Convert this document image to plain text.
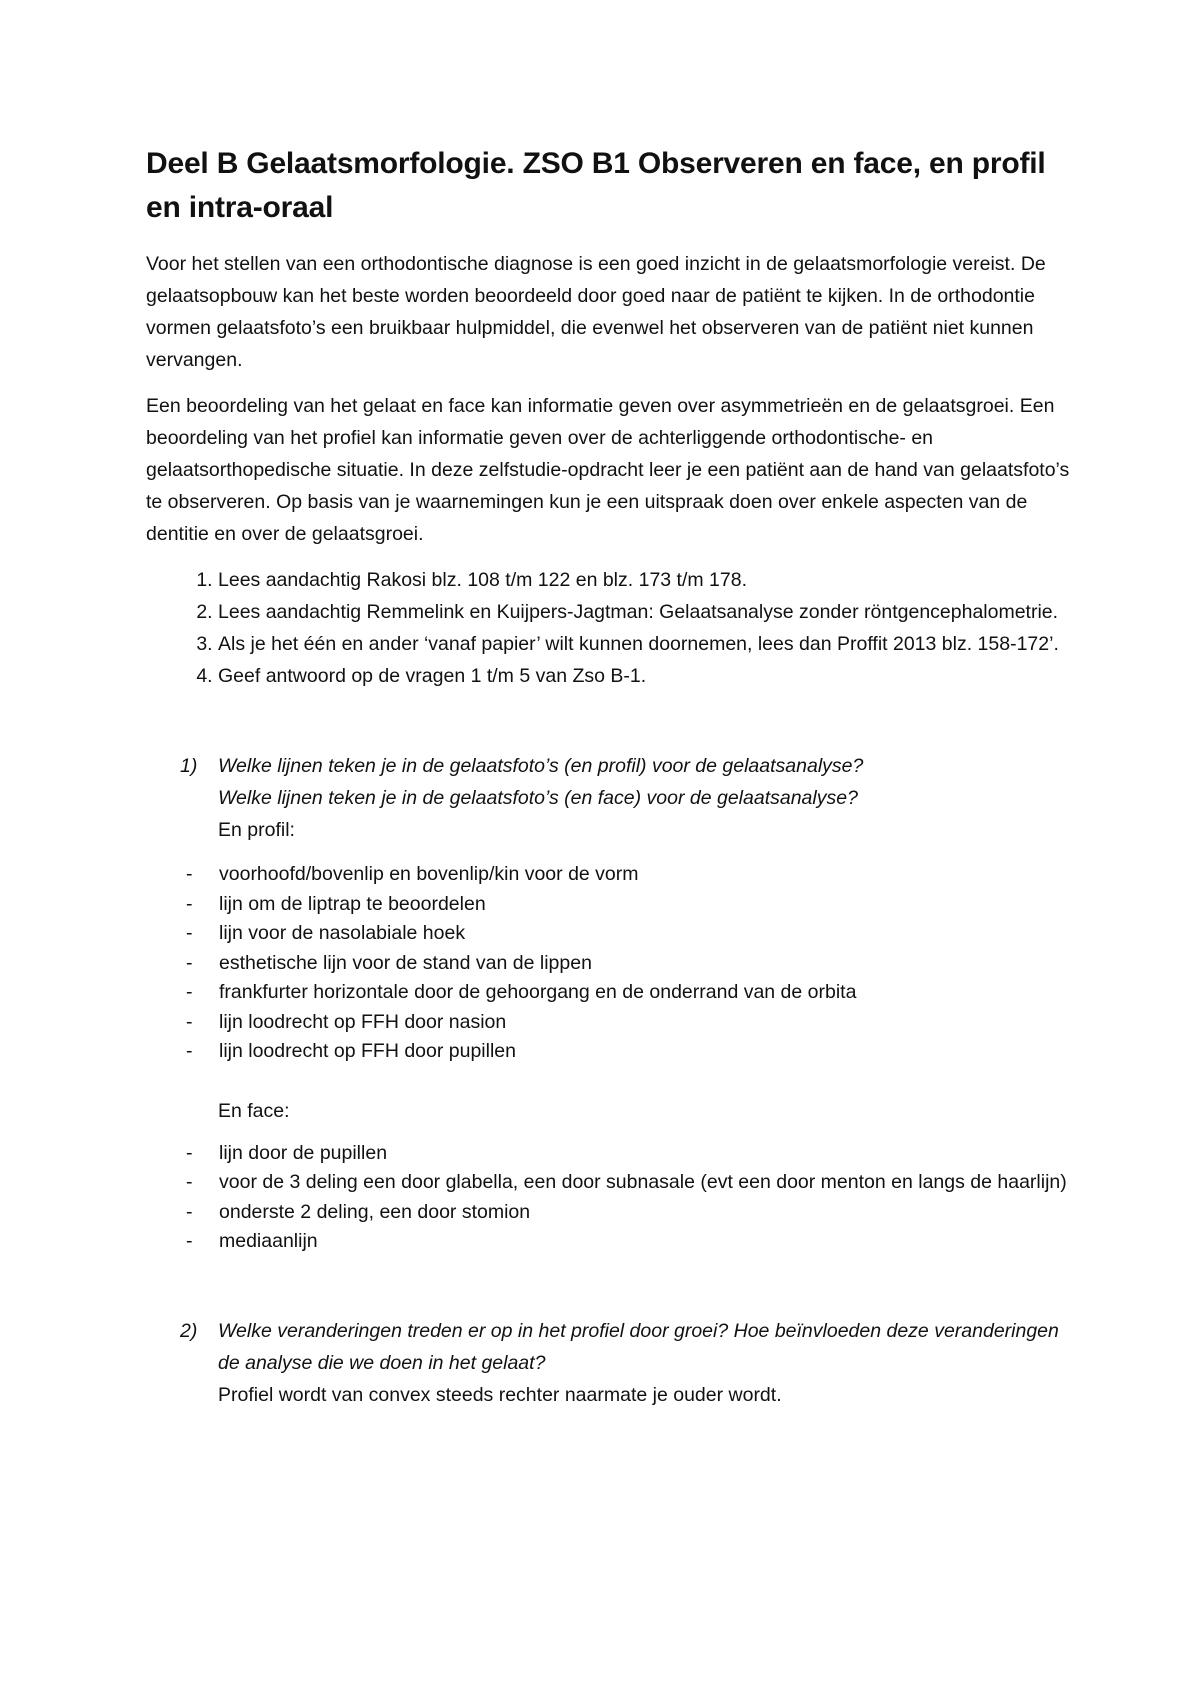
Deel B Gelaatsmorfologie. ZSO B1 Observeren en face, en profil en intra-oraal

Voor het stellen van een orthodontische diagnose is een goed inzicht in de gelaatsmorfologie vereist. De gelaatsopbouw kan het beste worden beoordeeld door goed naar de patiënt te kijken. In de orthodontie vormen gelaatsfoto’s een bruikbaar hulpmiddel, die evenwel het observeren van de patiënt niet kunnen vervangen.

Een beoordeling van het gelaat en face kan informatie geven over asymmetrieën en de gelaatsgroei. Een beoordeling van het profiel kan informatie geven over de achterliggende orthodontische- en gelaatsorthopedische situatie. In deze zelfstudie-opdracht leer je een patiënt aan de hand van gelaatsfoto’s te observeren. Op basis van je waarnemingen kun je een uitspraak doen over enkele aspecten van de dentitie en over de gelaatsgroei.

1. Lees aandachtig Rakosi blz. 108 t/m 122 en blz. 173 t/m 178.
2. Lees aandachtig Remmelink en Kuijpers-Jagtman: Gelaatsanalyse zonder röntgencephalometrie.
3. Als je het één en ander ‘vanaf papier’ wilt kunnen doornemen, lees dan Proffit 2013 blz. 158-172’.
4. Geef antwoord op de vragen 1 t/m 5 van Zso B-1.
1) Welke lijnen teken je in de gelaatsfoto’s (en profil) voor de gelaatsanalyse?
Welke lijnen teken je in de gelaatsfoto’s (en face) voor de gelaatsanalyse?
En profil:
- voorhoofd/bovenlip en bovenlip/kin voor de vorm
- lijn om de liptrap te beoordelen
- lijn voor de nasolabiale hoek
- esthetische lijn voor de stand van de lippen
- frankfurter horizontale door de gehoorgang en de onderrand van de orbita
- lijn loodrecht op FFH door nasion
- lijn loodrecht op FFH door pupillen
En face:
- lijn door de pupillen
- voor de 3 deling een door glabella, een door subnasale (evt een door menton en langs de haarlijn)
- onderste 2 deling, een door stomion
- mediaanlijn
2) Welke veranderingen treden er op in het profiel door groei? Hoe beïnvloeden deze veranderingen de analyse die we doen in het gelaat?
Profiel wordt van convex steeds rechter naarmate je ouder wordt.
